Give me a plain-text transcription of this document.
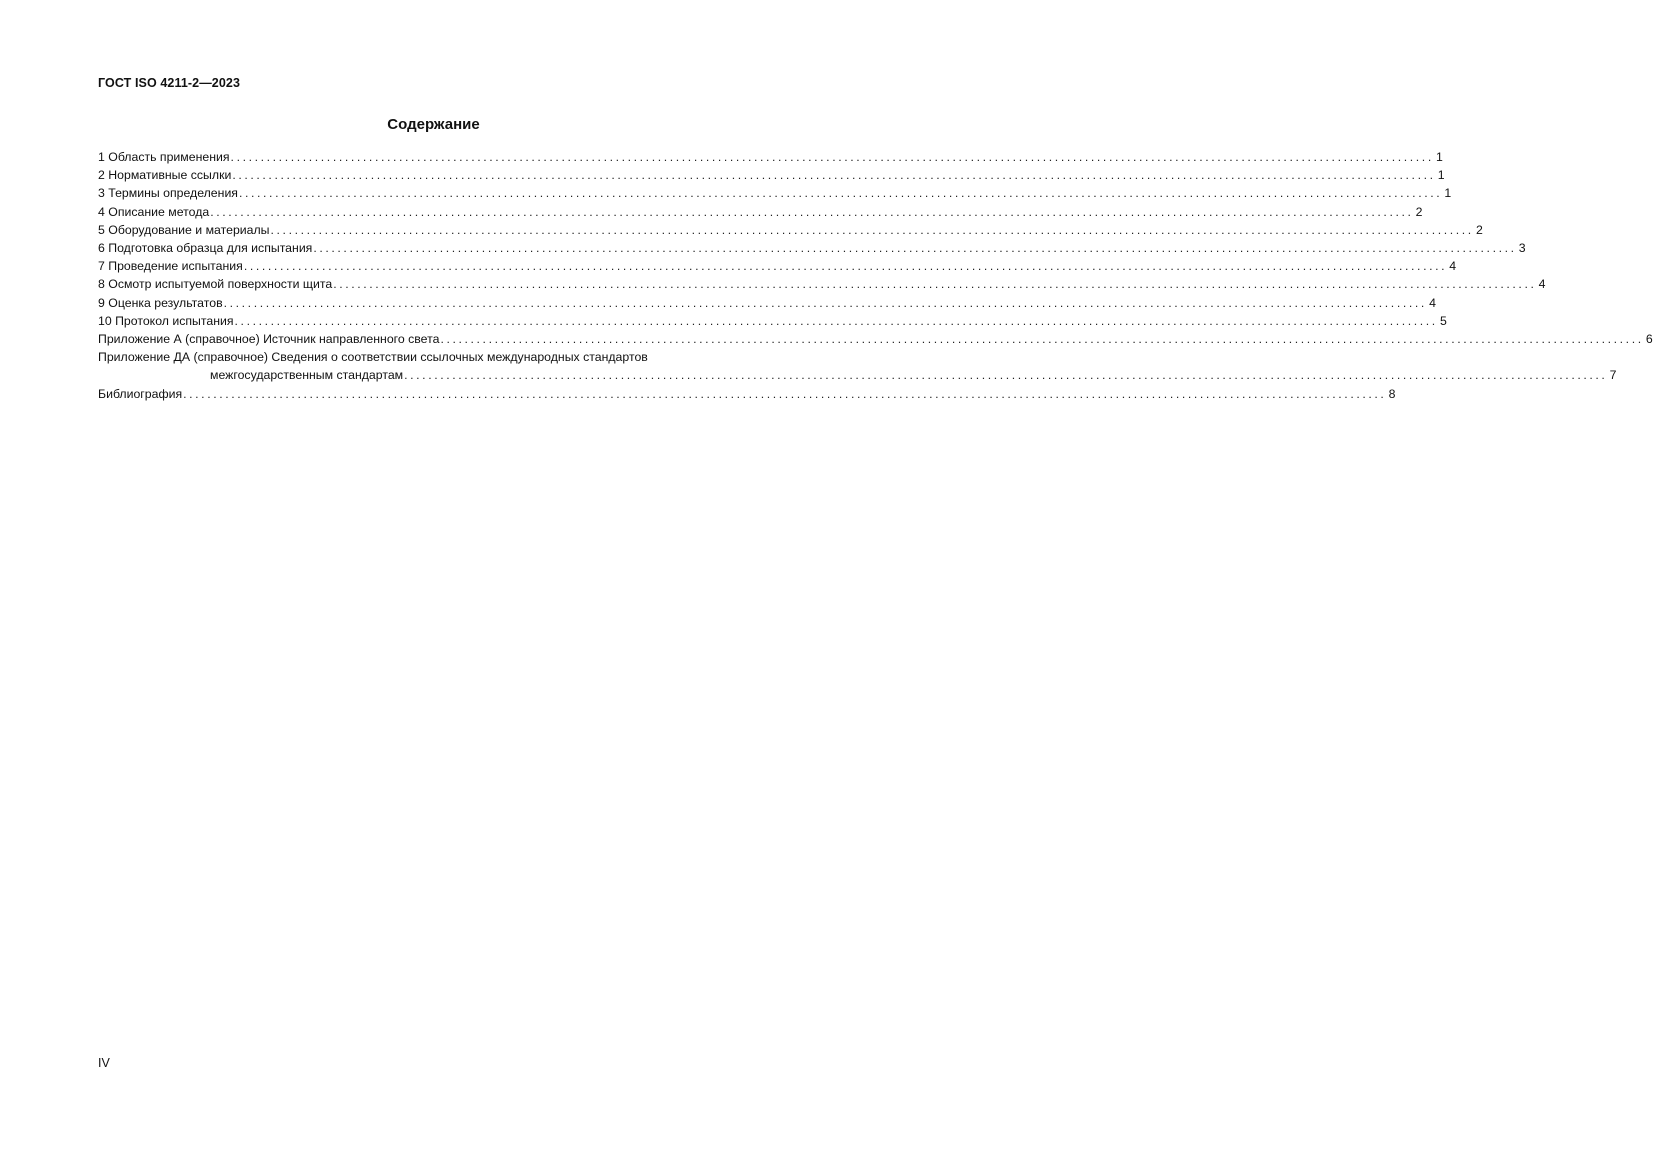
ГОСТ ISO 4211-2—2023
Содержание
1 Область применения ........................................................................................................................................................................................................ 1
2 Нормативные ссылки ........................................................................................................................................................................................................ 1
3 Термины определения ........................................................................................................................................................................................................ 1
4 Описание метода ........................................................................................................................................................................................................ 2
5 Оборудование и материалы ........................................................................................................................................................................................................ 2
6 Подготовка образца для испытания ........................................................................................................................................................................................................ 3
7 Проведение испытания ........................................................................................................................................................................................................ 4
8 Осмотр испытуемой поверхности щита ........................................................................................................................................................................................................ 4
9 Оценка результатов ........................................................................................................................................................................................................ 4
10 Протокол испытания ........................................................................................................................................................................................................ 5
Приложение А (справочное) Источник направленного света ........................................................................................................................................................................................................ 6
Приложение ДА (справочное) Сведения о соответствии ссылочных международных стандартов
межгосударственным стандартам ........................................................................................................................................................................................................ 7
Библиография ........................................................................................................................................................................................................ 8
IV
